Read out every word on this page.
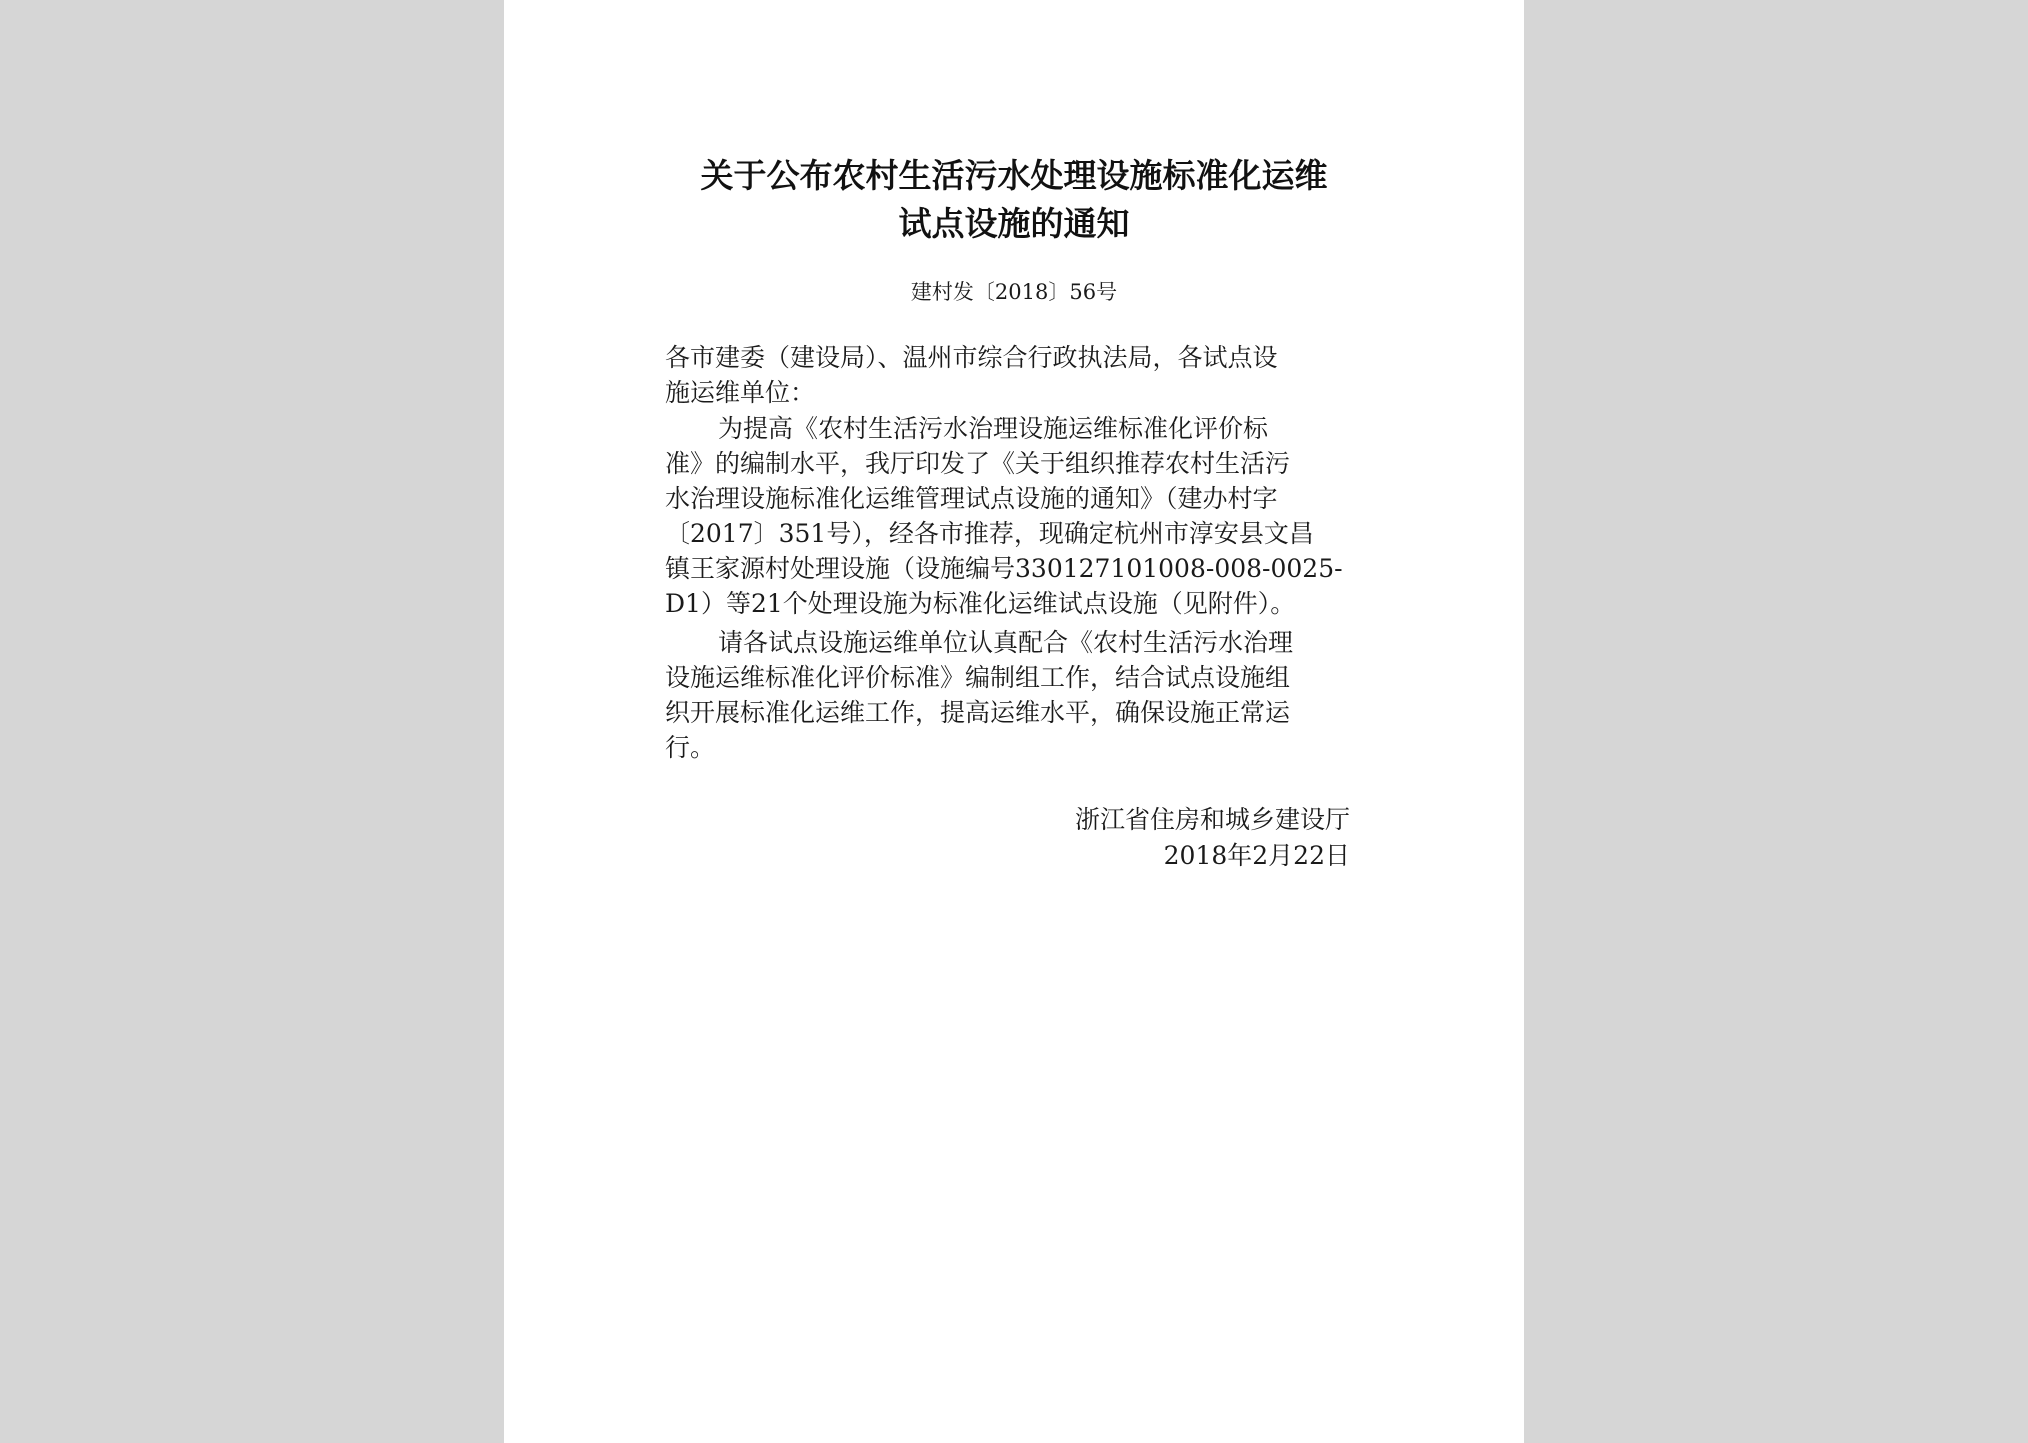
关于公布农村生活污水处理设施标准化运维
试点设施的通知
建村发〔2018〕56号
各市建委（建设局）、温州市综合行政执法局，各试点设
施运维单位：
为提高《农村生活污水治理设施运维标准化评价标
准》的编制水平，我厅印发了《关于组织推荐农村生活污
水治理设施标准化运维管理试点设施的通知》（建办村字
〔2017〕351号），经各市推荐，现确定杭州市淳安县文昌
镇王家源村处理设施（设施编号330127101008-008-0025-
D1）等21个处理设施为标准化运维试点设施（见附件）。
请各试点设施运维单位认真配合《农村生活污水治理
设施运维标准化评价标准》编制组工作，结合试点设施组
织开展标准化运维工作，提高运维水平，确保设施正常运
行。
浙江省住房和城乡建设厅
2018年2月22日
